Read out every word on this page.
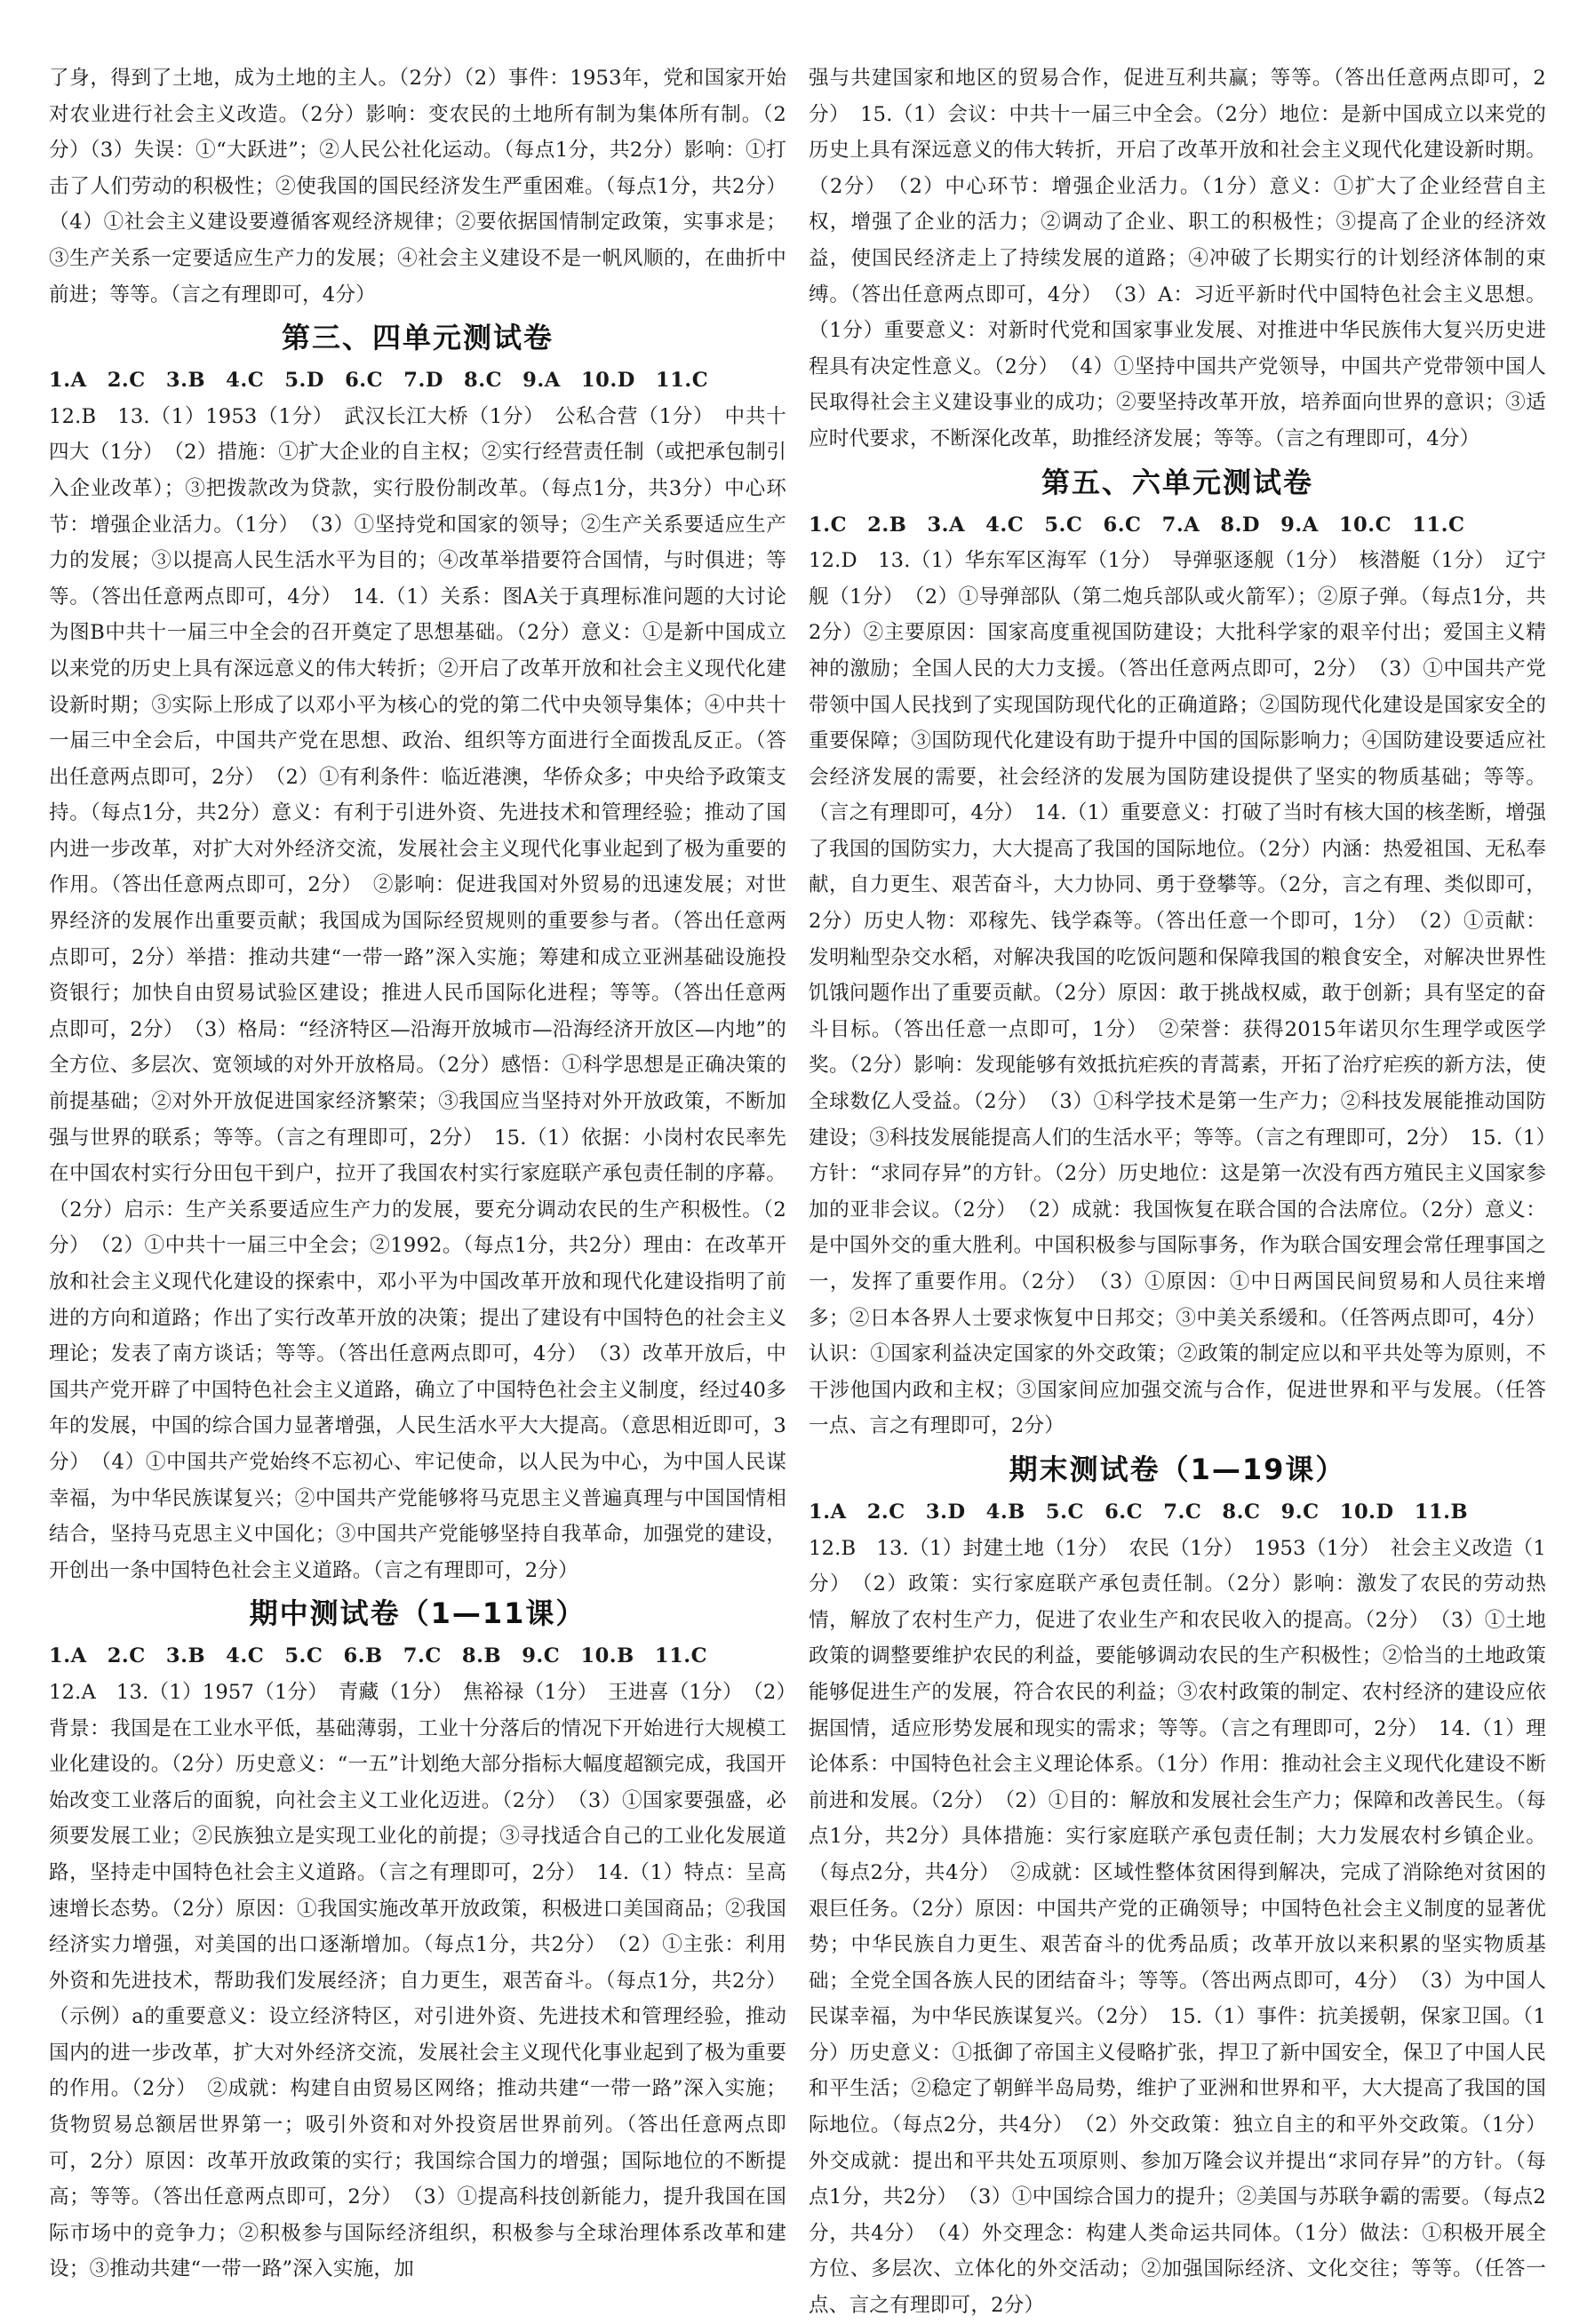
了身，得到了土地，成为土地的主人。（2分）（2）事件：1953年，党和国家开始对农业进行社会主义改造。（2分）影响：变农民的土地所有制为集体所有制。（2分）（3）失误：①“大跃进”；②人民公社化运动。（每点1分，共2分）影响：①打击了人们劳动的积极性；②使我国的国民经济发生严重困难。（每点1分，共2分）（4）①社会主义建设要遵循客观经济规律；②要依据国情制定政策，实事求是；③生产关系一定要适应生产力的发展；④社会主义建设不是一帆风顺的，在曲折中前进；等等。（言之有理即可，4分）

第三、四单元测试卷

1.A　2.C　3.B　4.C　5.D　6.C　7.D　8.C　9.A　10.D　11.C

12.B　13.（1）1953（1分）　武汉长江大桥（1分）　公私合营（1分）　中共十四大（1分）　（2）措施：①扩大企业的自主权；②实行经营责任制（或把承包制引入企业改革）；③把拨款改为贷款，实行股份制改革。（每点1分，共3分）中心环节：增强企业活力。（1分）　（3）①坚持党和国家的领导；②生产关系要适应生产力的发展；③以提高人民生活水平为目的；④改革举措要符合国情，与时俱进；等等。（答出任意两点即可，4分）　14.（1）关系：图A关于真理标准问题的大讨论为图B中共十一届三中全会的召开奠定了思想基础。（2分）意义：①是新中国成立以来党的历史上具有深远意义的伟大转折；②开启了改革开放和社会主义现代化建设新时期；③实际上形成了以邓小平为核心的党的第二代中央领导集体；④中共十一届三中全会后，中国共产党在思想、政治、组织等方面进行全面拨乱反正。（答出任意两点即可，2分）　（2）①有利条件：临近港澳，华侨众多；中央给予政策支持。（每点1分，共2分）意义：有利于引进外资、先进技术和管理经验；推动了国内进一步改革，对扩大对外经济交流，发展社会主义现代化事业起到了极为重要的作用。（答出任意两点即可，2分）　②影响：促进我国对外贸易的迅速发展；对世界经济的发展作出重要贡献；我国成为国际经贸规则的重要参与者。（答出任意两点即可，2分）举措：推动共建“一带一路”深入实施；筹建和成立亚洲基础设施投资银行；加快自由贸易试验区建设；推进人民币国际化进程；等等。（答出任意两点即可，2分）　（3）格局：“经济特区—沿海开放城市—沿海经济开放区—内地”的全方位、多层次、宽领域的对外开放格局。（2分）感悟：①科学思想是正确决策的前提基础；②对外开放促进国家经济繁荣；③我国应当坚持对外开放政策，不断加强与世界的联系；等等。（言之有理即可，2分）　15.（1）依据：小岗村农民率先在中国农村实行分田包干到户，拉开了我国农村实行家庭联产承包责任制的序幕。（2分）启示：生产关系要适应生产力的发展，要充分调动农民的生产积极性。（2分）　（2）①中共十一届三中全会；②1992。（每点1分，共2分）理由：在改革开放和社会主义现代化建设的探索中，邓小平为中国改革开放和现代化建设指明了前进的方向和道路；作出了实行改革开放的决策；提出了建设有中国特色的社会主义理论；发表了南方谈话；等等。（答出任意两点即可，4分）　（3）改革开放后，中国共产党开辟了中国特色社会主义道路，确立了中国特色社会主义制度，经过40多年的发展，中国的综合国力显著增强，人民生活水平大大提高。（意思相近即可，3分）　（4）①中国共产党始终不忘初心、牢记使命，以人民为中心，为中国人民谋幸福，为中华民族谋复兴；②中国共产党能够将马克思主义普遍真理与中国国情相结合，坚持马克思主义中国化；③中国共产党能够坚持自我革命，加强党的建设，开创出一条中国特色社会主义道路。（言之有理即可，2分）

期中测试卷（1—11课）

1.A　2.C　3.B　4.C　5.C　6.B　7.C　8.B　9.C　10.B　11.C

12.A　13.（1）1957（1分）　青藏（1分）　焦裕禄（1分）　王进喜（1分）　（2）背景：我国是在工业水平低，基础薄弱，工业十分落后的情况下开始进行大规模工业化建设的。（2分）历史意义：“一五”计划绝大部分指标大幅度超额完成，我国开始改变工业落后的面貌，向社会主义工业化迈进。（2分）　（3）①国家要强盛，必须要发展工业；②民族独立是实现工业化的前提；③寻找适合自己的工业化发展道路，坚持走中国特色社会主义道路。（言之有理即可，2分）　14.（1）特点：呈高速增长态势。（2分）原因：①我国实施改革开放政策，积极进口美国商品；②我国经济实力增强，对美国的出口逐渐增加。（每点1分，共2分）　（2）①主张：利用外资和先进技术，帮助我们发展经济；自力更生，艰苦奋斗。（每点1分，共2分）（示例）a的重要意义：设立经济特区，对引进外资、先进技术和管理经验，推动国内的进一步改革，扩大对外经济交流，发展社会主义现代化事业起到了极为重要的作用。（2分）　②成就：构建自由贸易区网络；推动共建“一带一路”深入实施；货物贸易总额居世界第一；吸引外资和对外投资居世界前列。（答出任意两点即可，2分）原因：改革开放政策的实行；我国综合国力的增强；国际地位的不断提高；等等。（答出任意两点即可，2分）　（3）①提高科技创新能力，提升我国在国际市场中的竞争力；②积极参与国际经济组织，积极参与全球治理体系改革和建设；③推动共建“一带一路”深入实施，加

强与共建国家和地区的贸易合作，促进互利共赢；等等。（答出任意两点即可，2分）　15.（1）会议：中共十一届三中全会。（2分）地位：是新中国成立以来党的历史上具有深远意义的伟大转折，开启了改革开放和社会主义现代化建设新时期。（2分）　（2）中心环节：增强企业活力。（1分）意义：①扩大了企业经营自主权，增强了企业的活力；②调动了企业、职工的积极性；③提高了企业的经济效益，使国民经济走上了持续发展的道路；④冲破了长期实行的计划经济体制的束缚。（答出任意两点即可，4分）　（3）A：习近平新时代中国特色社会主义思想。（1分）重要意义：对新时代党和国家事业发展、对推进中华民族伟大复兴历史进程具有决定性意义。（2分）　（4）①坚持中国共产党领导，中国共产党带领中国人民取得社会主义建设事业的成功；②要坚持改革开放，培养面向世界的意识；③适应时代要求，不断深化改革，助推经济发展；等等。（言之有理即可，4分）

第五、六单元测试卷

1.C　2.B　3.A　4.C　5.C　6.C　7.A　8.D　9.A　10.C　11.C

12.D　13.（1）华东军区海军（1分）　导弹驱逐舰（1分）　核潜艇（1分）　辽宁舰（1分）　（2）①导弹部队（第二炮兵部队或火箭军）；②原子弹。（每点1分，共2分）②主要原因：国家高度重视国防建设；大批科学家的艰辛付出；爱国主义精神的激励；全国人民的大力支援。（答出任意两点即可，2分）　（3）①中国共产党带领中国人民找到了实现国防现代化的正确道路；②国防现代化建设是国家安全的重要保障；③国防现代化建设有助于提升中国的国际影响力；④国防建设要适应社会经济发展的需要，社会经济的发展为国防建设提供了坚实的物质基础；等等。（言之有理即可，4分）　14.（1）重要意义：打破了当时有核大国的核垄断，增强了我国的国防实力，大大提高了我国的国际地位。（2分）内涵：热爱祖国、无私奉献，自力更生、艰苦奋斗，大力协同、勇于登攀等。（2分，言之有理、类似即可，2分）历史人物：邓稼先、钱学森等。（答出任意一个即可，1分）　（2）①贡献：发明籼型杂交水稻，对解决我国的吃饭问题和保障我国的粮食安全，对解决世界性饥饿问题作出了重要贡献。（2分）原因：敢于挑战权威，敢于创新；具有坚定的奋斗目标。（答出任意一点即可，1分）　②荣誉：获得2015年诺贝尔生理学或医学奖。（2分）影响：发现能够有效抵抗疟疾的青蒿素，开拓了治疗疟疾的新方法，使全球数亿人受益。（2分）　（3）①科学技术是第一生产力；②科技发展能推动国防建设；③科技发展能提高人们的生活水平；等等。（言之有理即可，2分）　15.（1）方针：“求同存异”的方针。（2分）历史地位：这是第一次没有西方殖民主义国家参加的亚非会议。（2分）　（2）成就：我国恢复在联合国的合法席位。（2分）意义：是中国外交的重大胜利。中国积极参与国际事务，作为联合国安理会常任理事国之一，发挥了重要作用。（2分）　（3）①原因：①中日两国民间贸易和人员往来增多；②日本各界人士要求恢复中日邦交；③中美关系缓和。（任答两点即可，4分）认识：①国家利益决定国家的外交政策；②政策的制定应以和平共处等为原则，不干涉他国内政和主权；③国家间应加强交流与合作，促进世界和平与发展。（任答一点、言之有理即可，2分）

期末测试卷（1—19课）

1.A　2.C　3.D　4.B　5.C　6.C　7.C　8.C　9.C　10.D　11.B

12.B　13.（1）封建土地（1分）　农民（1分）　1953（1分）　社会主义改造（1分）　（2）政策：实行家庭联产承包责任制。（2分）影响：激发了农民的劳动热情，解放了农村生产力，促进了农业生产和农民收入的提高。（2分）　（3）①土地政策的调整要维护农民的利益，要能够调动农民的生产积极性；②恰当的土地政策能够促进生产的发展，符合农民的利益；③农村政策的制定、农村经济的建设应依据国情，适应形势发展和现实的需求；等等。（言之有理即可，2分）　14.（1）理论体系：中国特色社会主义理论体系。（1分）作用：推动社会主义现代化建设不断前进和发展。（2分）　（2）①目的：解放和发展社会生产力；保障和改善民生。（每点1分，共2分）具体措施：实行家庭联产承包责任制；大力发展农村乡镇企业。（每点2分，共4分）　②成就：区域性整体贫困得到解决，完成了消除绝对贫困的艰巨任务。（2分）原因：中国共产党的正确领导；中国特色社会主义制度的显著优势；中华民族自力更生、艰苦奋斗的优秀品质；改革开放以来积累的坚实物质基础；全党全国各族人民的团结奋斗；等等。（答出两点即可，4分）　（3）为中国人民谋幸福，为中华民族谋复兴。（2分）　15.（1）事件：抗美援朝，保家卫国。（1分）历史意义：①抵御了帝国主义侵略扩张，捍卫了新中国安全，保卫了中国人民和平生活；②稳定了朝鲜半岛局势，维护了亚洲和世界和平，大大提高了我国的国际地位。（每点2分，共4分）　（2）外交政策：独立自主的和平外交政策。（1分）外交成就：提出和平共处五项原则、参加万隆会议并提出“求同存异”的方针。（每点1分，共2分）　（3）①中国综合国力的提升；②美国与苏联争霸的需要。（每点2分，共4分）　（4）外交理念：构建人类命运共同体。（1分）做法：①积极开展全方位、多层次、立体化的外交活动；②加强国际经济、文化交往；等等。（任答一点、言之有理即可，2分）
